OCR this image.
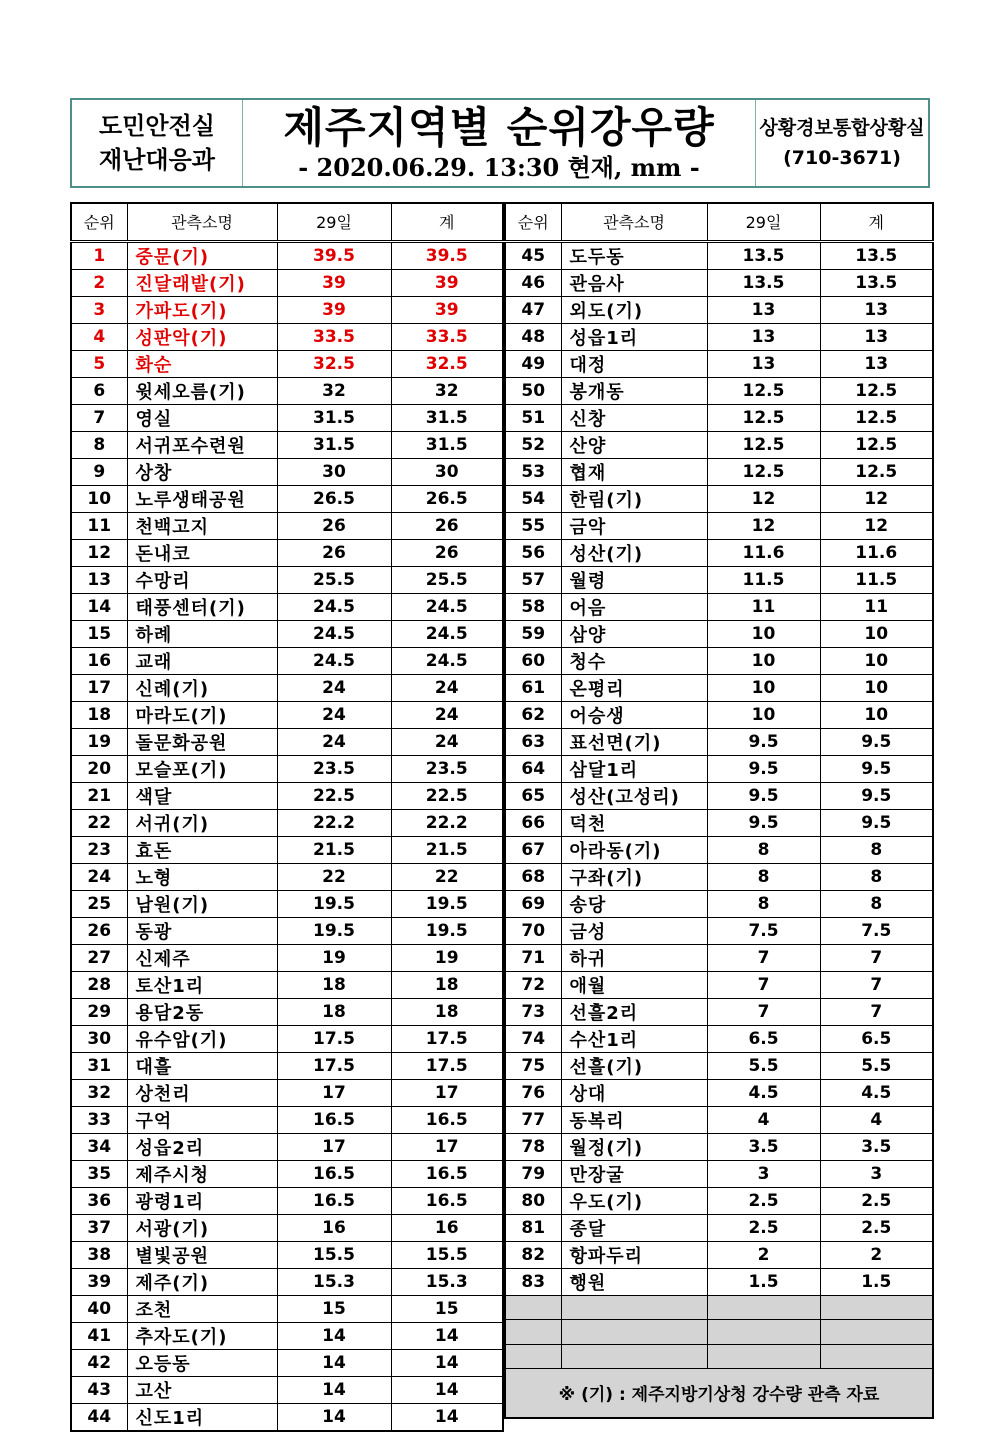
도민안전실
재난대응과
제주지역별 순위강우량
- 2020.06.29. 13:30 현재, mm -
상황경보통합상황실
(710-3671)
순위	관측소명	29일	계
1	중문(기)	39.5	39.5
2	진달래밭(기)	39	39
3	가파도(기)	39	39
4	성판악(기)	33.5	33.5
5	화순	32.5	32.5
6	윗세오름(기)	32	32
7	영실	31.5	31.5
8	서귀포수련원	31.5	31.5
9	상창	30	30
10	노루생태공원	26.5	26.5
11	천백고지	26	26
12	돈내코	26	26
13	수망리	25.5	25.5
14	태풍센터(기)	24.5	24.5
15	하례	24.5	24.5
16	교래	24.5	24.5
17	신례(기)	24	24
18	마라도(기)	24	24
19	돌문화공원	24	24
20	모슬포(기)	23.5	23.5
21	색달	22.5	22.5
22	서귀(기)	22.2	22.2
23	효돈	21.5	21.5
24	노형	22	22
25	남원(기)	19.5	19.5
26	동광	19.5	19.5
27	신제주	19	19
28	토산1리	18	18
29	용담2동	18	18
30	유수암(기)	17.5	17.5
31	대흘	17.5	17.5
32	상천리	17	17
33	구억	16.5	16.5
34	성읍2리	17	17
35	제주시청	16.5	16.5
36	광령1리	16.5	16.5
37	서광(기)	16	16
38	별빛공원	15.5	15.5
39	제주(기)	15.3	15.3
40	조천	15	15
41	추자도(기)	14	14
42	오등동	14	14
43	고산	14	14
44	신도1리	14	14
순위	관측소명	29일	계
45	도두동	13.5	13.5
46	관음사	13.5	13.5
47	외도(기)	13	13
48	성읍1리	13	13
49	대정	13	13
50	봉개동	12.5	12.5
51	신창	12.5	12.5
52	산양	12.5	12.5
53	협재	12.5	12.5
54	한림(기)	12	12
55	금악	12	12
56	성산(기)	11.6	11.6
57	월령	11.5	11.5
58	어음	11	11
59	삼양	10	10
60	청수	10	10
61	온평리	10	10
62	어승생	10	10
63	표선면(기)	9.5	9.5
64	삼달1리	9.5	9.5
65	성산(고성리)	9.5	9.5
66	덕천	9.5	9.5
67	아라동(기)	8	8
68	구좌(기)	8	8
69	송당	8	8
70	금성	7.5	7.5
71	하귀	7	7
72	애월	7	7
73	선흘2리	7	7
74	수산1리	6.5	6.5
75	선흘(기)	5.5	5.5
76	상대	4.5	4.5
77	동복리	4	4
78	월정(기)	3.5	3.5
79	만장굴	3	3
80	우도(기)	2.5	2.5
81	종달	2.5	2.5
82	항파두리	2	2
83	행원	1.5	1.5

※ (기) : 제주지방기상청 강수량 관측 자료			
